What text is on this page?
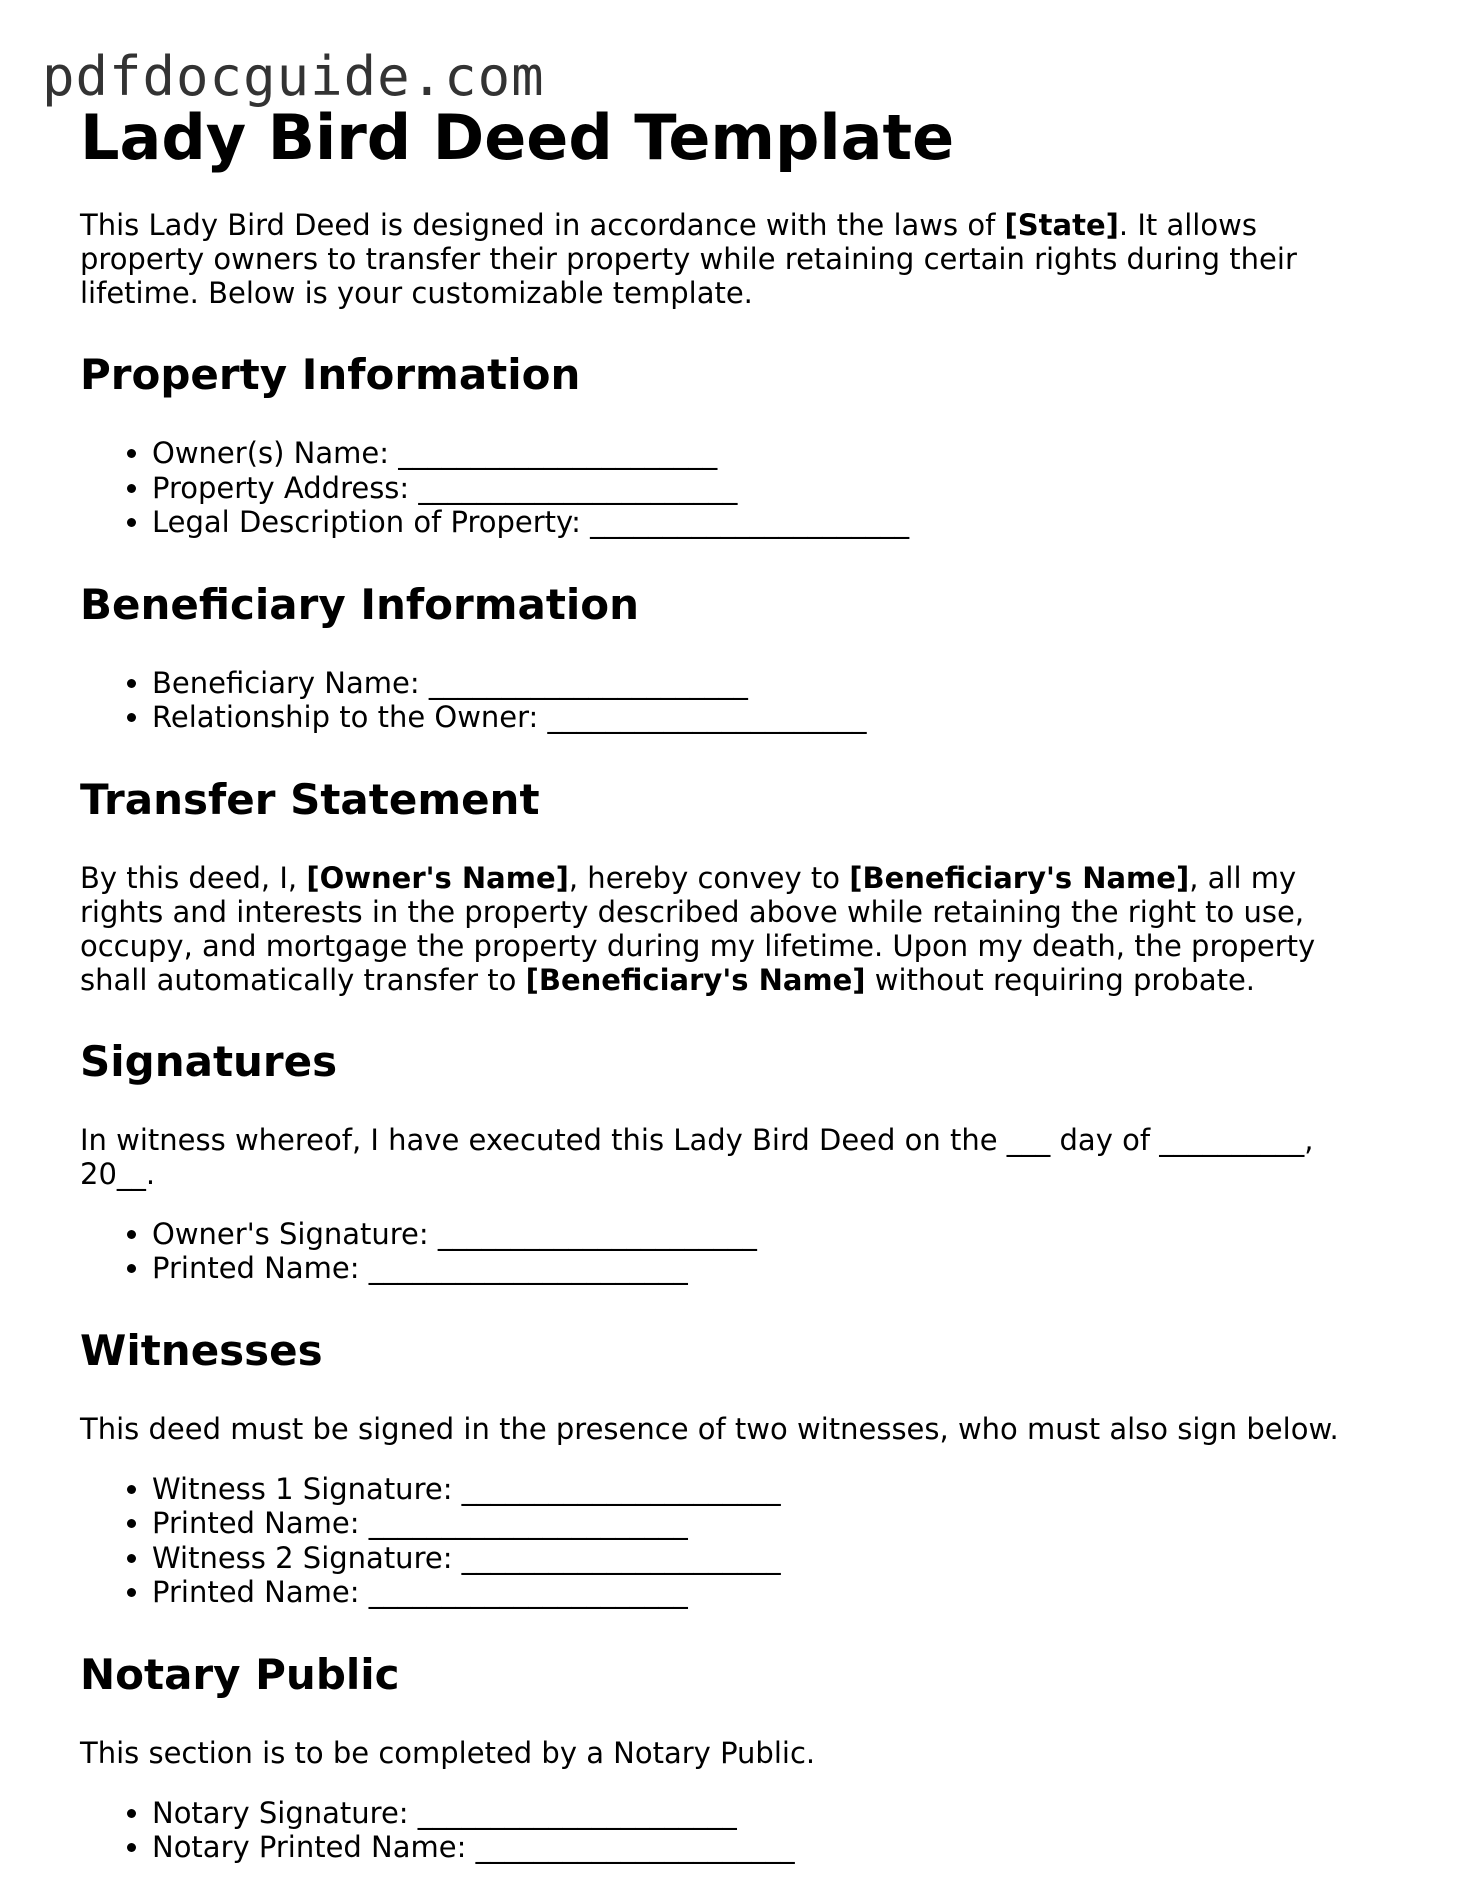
pdfdocguide.com
Lady Bird Deed Template

This Lady Bird Deed is designed in accordance with the laws of [State]. It allows property owners to transfer their property while retaining certain rights during their lifetime. Below is your customizable template.

Property Information
• Owner(s) Name: ______________________
• Property Address: ______________________
• Legal Description of Property: ______________________
Beneficiary Information
• Beneficiary Name: ______________________
• Relationship to the Owner: ______________________
Transfer Statement

By this deed, I, [Owner's Name], hereby convey to [Beneficiary's Name], all my rights and interests in the property described above while retaining the right to use, occupy, and mortgage the property during my lifetime. Upon my death, the property shall automatically transfer to [Beneficiary's Name] without requiring probate.

Signatures

In witness whereof, I have executed this Lady Bird Deed on the ___ day of __________, 20__.

• Owner's Signature: ______________________
• Printed Name: ______________________
Witnesses

This deed must be signed in the presence of two witnesses, who must also sign below.

• Witness 1 Signature: ______________________
• Printed Name: ______________________
• Witness 2 Signature: ______________________
• Printed Name: ______________________
Notary Public

This section is to be completed by a Notary Public.

• Notary Signature: ______________________
• Notary Printed Name: ______________________
